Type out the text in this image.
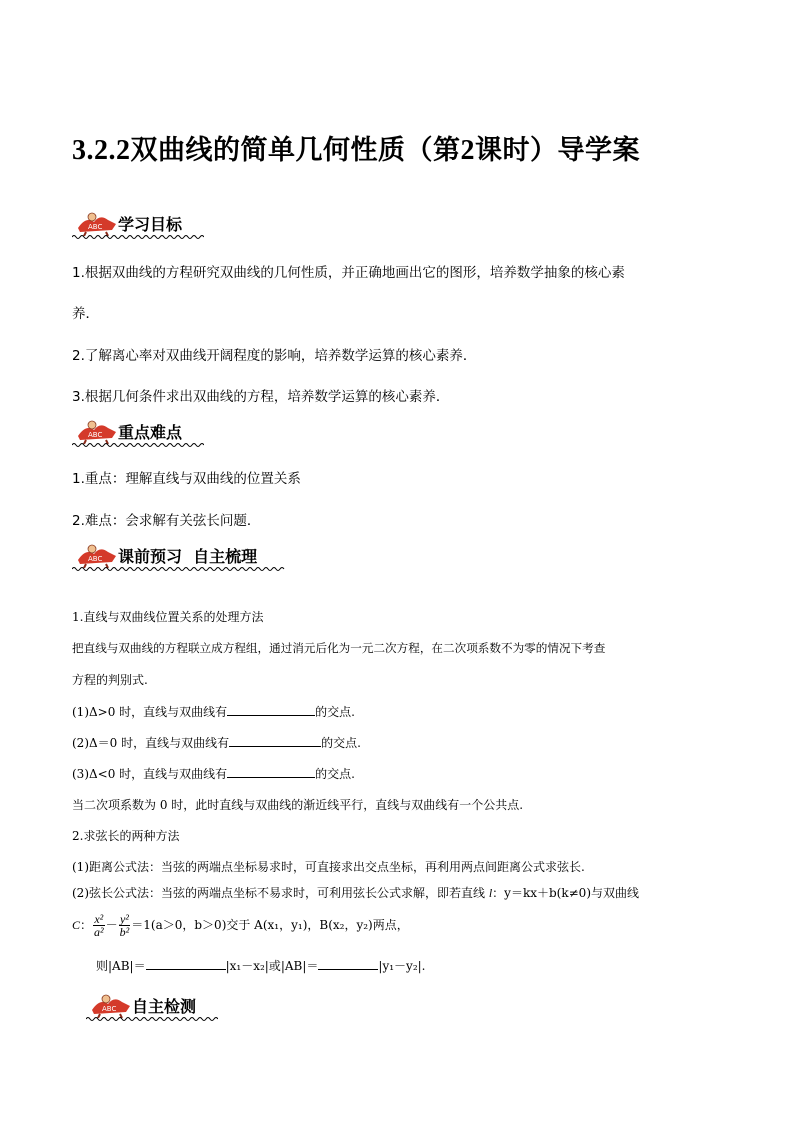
3.2.2双曲线的简单几何性质（第2课时）导学案
学习目标
1.根据双曲线的方程研究双曲线的几何性质，并正确地画出它的图形，培养数学抽象的核心素
养．
2.了解离心率对双曲线开阔程度的影响，培养数学运算的核心素养．
3.根据几何条件求出双曲线的方程，培养数学运算的核心素养．
重点难点
1.重点：理解直线与双曲线的位置关系
2.难点：会求解有关弦长问题．
课前预习  自主梳理
1.直线与双曲线位置关系的处理方法
把直线与双曲线的方程联立成方程组，通过消元后化为一元二次方程，在二次项系数不为零的情况下考查
方程的判别式.
(1)Δ>0 时，直线与双曲线有	的交点.
(2)Δ＝0 时，直线与双曲线有	的交点.
(3)Δ<0 时，直线与双曲线有	的交点.
当二次项系数为 0 时，此时直线与双曲线的渐近线平行，直线与双曲线有一个公共点.
2.求弦长的两种方法
(1)距离公式法：当弦的两端点坐标易求时，可直接求出交点坐标，再利用两点间距离公式求弦长.
(2)弦长公式法：当弦的两端点坐标不易求时，可利用弦长公式求解，即若直线 l：y＝kx＋b(k≠0)与双曲线
C： $\frac{\text{x²}}{\text{a²}} - \frac{\text{y²}}{\text{b²}} =1(a>0$，b＞0)交于 A(x₁，y₁)，B(x₂，y₂)两点，
则|AB|＝	|x₁－x₂|或|AB|＝	|y₁－y₂|.
自主检测
